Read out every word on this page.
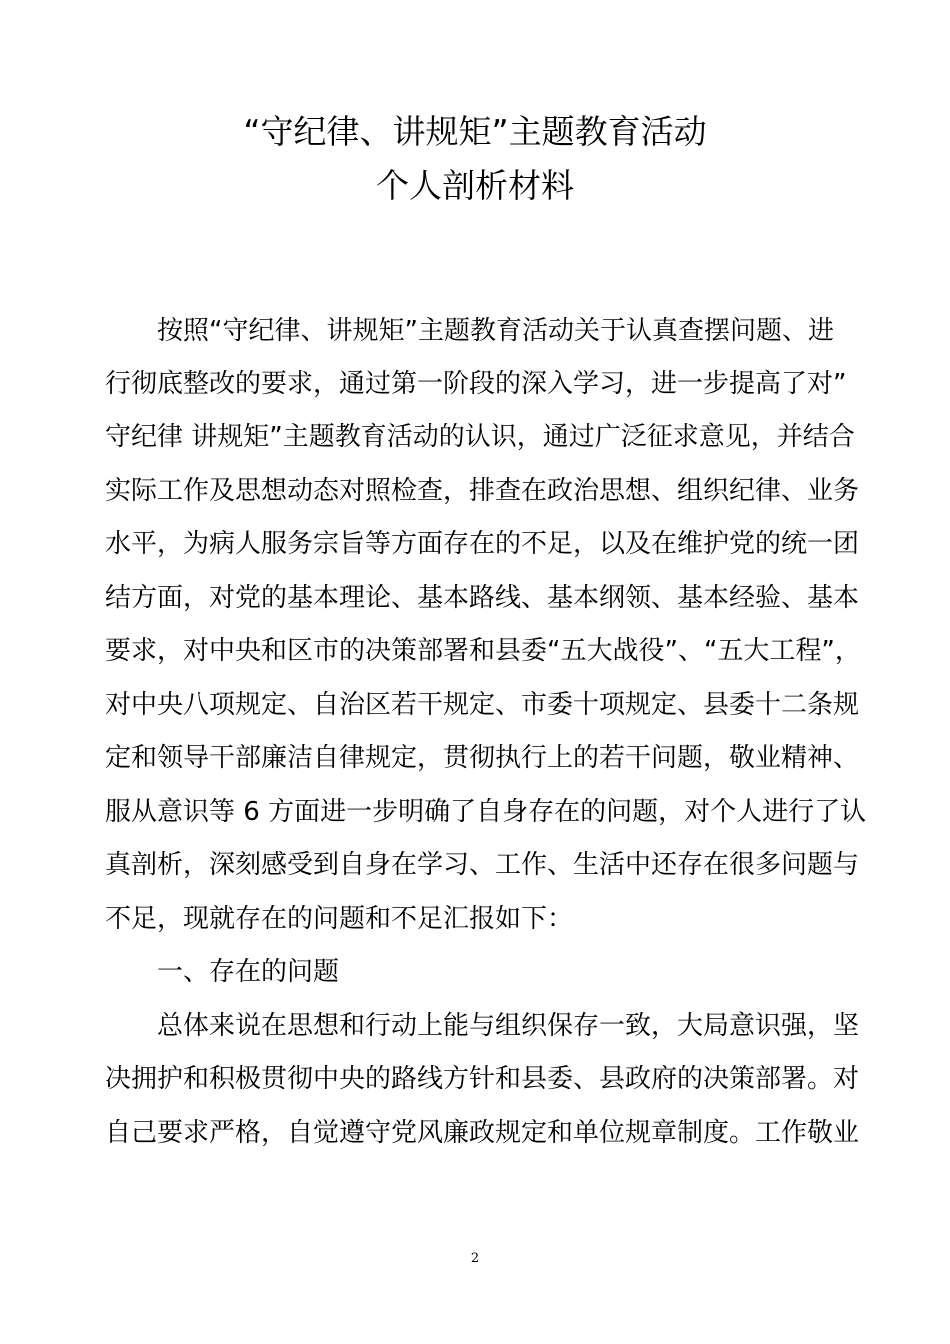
“守纪律、讲规矩”主题教育活动
个人剖析材料
　　按照“守纪律、讲规矩”主题教育活动关于认真查摆问题、进
行彻底整改的要求，通过第一阶段的深入学习，进一步提高了对”
守纪律 讲规矩”主题教育活动的认识，通过广泛征求意见，并结合
实际工作及思想动态对照检查，排查在政治思想、组织纪律、业务
水平，为病人服务宗旨等方面存在的不足，以及在维护党的统一团
结方面，对党的基本理论、基本路线、基本纲领、基本经验、基本
要求，对中央和区市的决策部署和县委“五大战役”、“五大工程”，
对中央八项规定、自治区若干规定、市委十项规定、县委十二条规
定和领导干部廉洁自律规定，贯彻执行上的若干问题，敬业精神、
服从意识等 6 方面进一步明确了自身存在的问题，对个人进行了认
真剖析，深刻感受到自身在学习、工作、生活中还存在很多问题与
不足，现就存在的问题和不足汇报如下：
　　一、存在的问题
　　总体来说在思想和行动上能与组织保存一致，大局意识强，坚
决拥护和积极贯彻中央的路线方针和县委、县政府的决策部署。对
自己要求严格，自觉遵守党风廉政规定和单位规章制度。工作敬业
2
